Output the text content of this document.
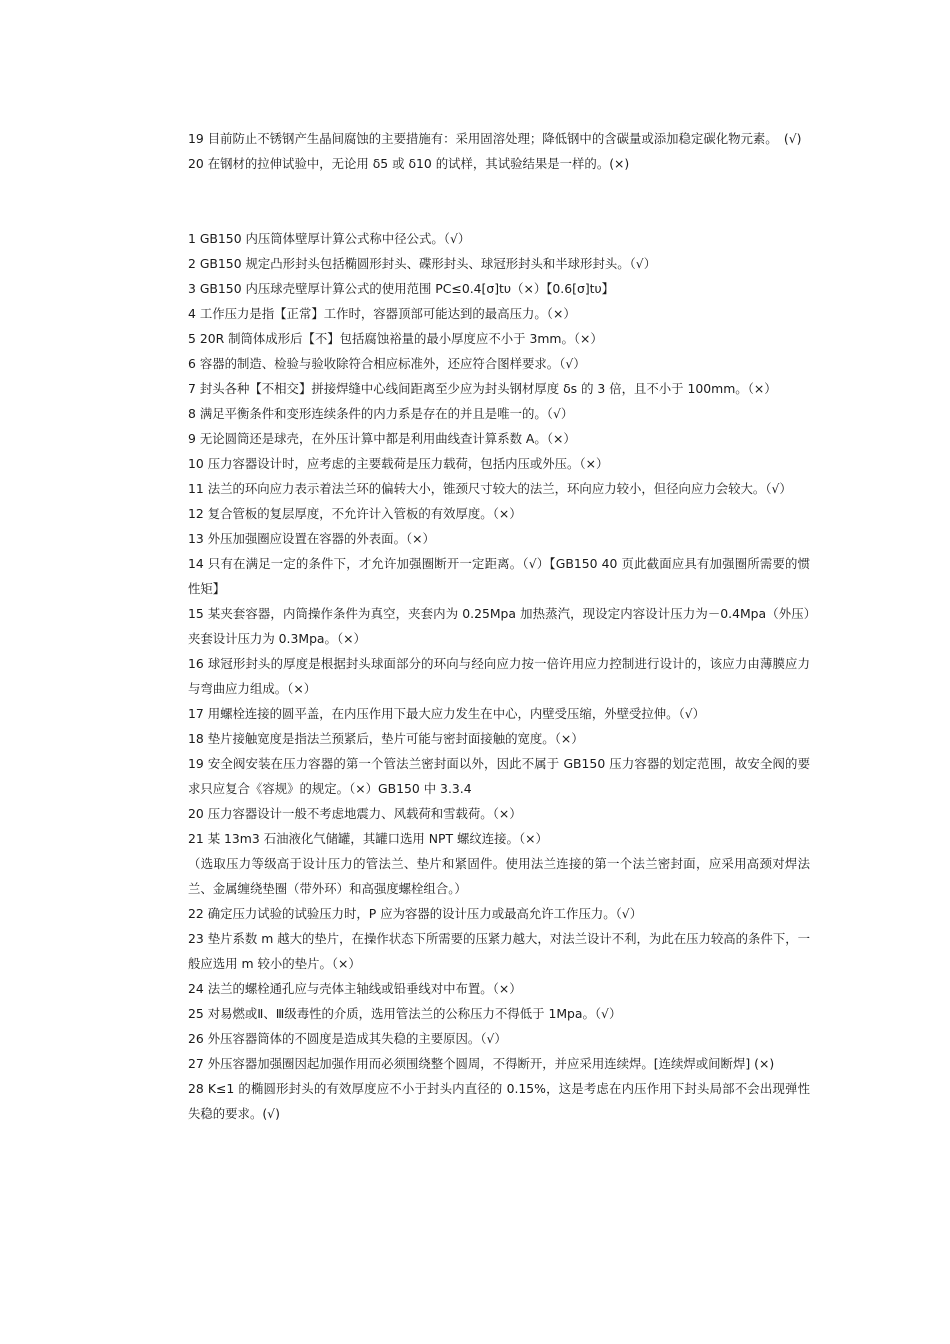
19 目前防止不锈钢产生晶间腐蚀的主要措施有：采用固溶处理；降低钢中的含碳量或添加稳定碳化物元素。　(√)

20 在钢材的拉伸试验中，无论用 δ5 或 δ10 的试样，其试验结果是一样的。(×)

1 GB150 内压筒体壁厚计算公式称中径公式。（√）

2 GB150 规定凸形封头包括椭圆形封头、碟形封头、球冠形封头和半球形封头。（√）

3 GB150 内压球壳壁厚计算公式的使用范围 PC≤0.4[σ]tυ（×）【0.6[σ]tυ】

4 工作压力是指【正常】工作时，容器顶部可能达到的最高压力。（×）

5 20R 制筒体成形后【不】包括腐蚀裕量的最小厚度应不小于 3mm。（×）

6 容器的制造、检验与验收除符合相应标准外，还应符合图样要求。（√）

7 封头各种【不相交】拼接焊缝中心线间距离至少应为封头钢材厚度 δs 的 3 倍，且不小于 100mm。（×）

8 满足平衡条件和变形连续条件的内力系是存在的并且是唯一的。（√）

9 无论圆筒还是球壳，在外压计算中都是利用曲线查计算系数 A。（×）

10 压力容器设计时，应考虑的主要载荷是压力载荷，包括内压或外压。（×）

11 法兰的环向应力表示着法兰环的偏转大小，锥颈尺寸较大的法兰，环向应力较小，但径向应力会较大。（√）

12 复合管板的复层厚度，不允许计入管板的有效厚度。（×）

13 外压加强圈应设置在容器的外表面。（×）

14 只有在满足一定的条件下，才允许加强圈断开一定距离。（√）【GB150 40 页此截面应具有加强圈所需要的惯性矩】

15 某夹套容器，内筒操作条件为真空，夹套内为 0.25Mpa 加热蒸汽，现设定内容设计压力为－0.4Mpa（外压）夹套设计压力为 0.3Mpa。（×）

16 球冠形封头的厚度是根据封头球面部分的环向与经向应力按一倍许用应力控制进行设计的，该应力由薄膜应力与弯曲应力组成。（×）

17 用螺栓连接的圆平盖，在内压作用下最大应力发生在中心，内壁受压缩，外壁受拉伸。（√）

18 垫片接触宽度是指法兰预紧后，垫片可能与密封面接触的宽度。（×）

19 安全阀安装在压力容器的第一个管法兰密封面以外，因此不属于 GB150 压力容器的划定范围，故安全阀的要求只应复合《容规》的规定。（×）GB150 中 3.3.4

20 压力容器设计一般不考虑地震力、风载荷和雪载荷。（×）

21 某 13m3 石油液化气储罐，其罐口选用 NPT 螺纹连接。（×）

（选取压力等级高于设计压力的管法兰、垫片和紧固件。使用法兰连接的第一个法兰密封面，应采用高颈对焊法兰、金属缠绕垫圈（带外环）和高强度螺栓组合。）

22 确定压力试验的试验压力时，P 应为容器的设计压力或最高允许工作压力。（√）

23 垫片系数 m 越大的垫片，在操作状态下所需要的压紧力越大，对法兰设计不利，为此在压力较高的条件下，一般应选用 m 较小的垫片。（×）

24 法兰的螺栓通孔应与壳体主轴线或铅垂线对中布置。（×）

25 对易燃或Ⅱ、Ⅲ级毒性的介质，选用管法兰的公称压力不得低于 1Mpa。（√）

26 外压容器筒体的不圆度是造成其失稳的主要原因。（√）

27 外压容器加强圈因起加强作用而必须围绕整个圆周，不得断开，并应采用连续焊。[连续焊或间断焊] (×)

28 K≤1 的椭圆形封头的有效厚度应不小于封头内直径的 0.15%，这是考虑在内压作用下封头局部不会出现弹性失稳的要求。(√)
